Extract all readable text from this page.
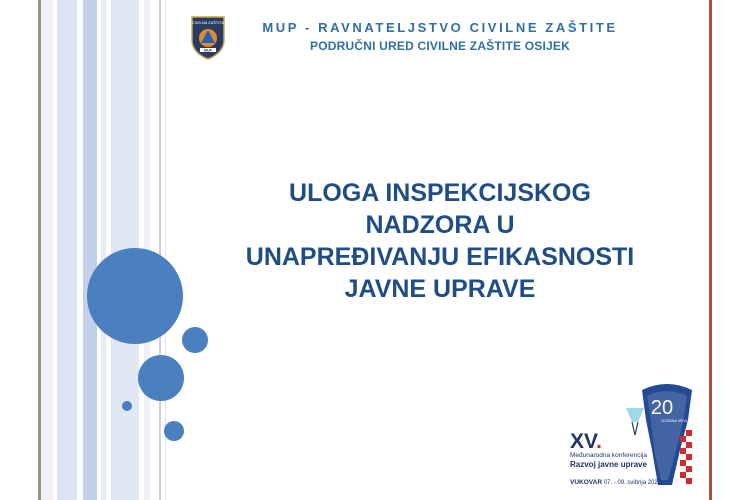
CIVILNA ZAŠTITA
MUP
MUP - RAVNATELJSTVO CIVILNE ZAŠTITE
PODRUČNI URED CIVILNE ZAŠTITE OSIJEK
ULOGA INSPEKCIJSKOG
NADZORA U
UNAPREĐIVANJU EFIKASNOSTI
JAVNE UPRAVE
20
GODINA VEVU
XV.
Međunarodna konferencija
Razvoj javne uprave
VUKOVAR 07. - 09. svibnja 2025.
